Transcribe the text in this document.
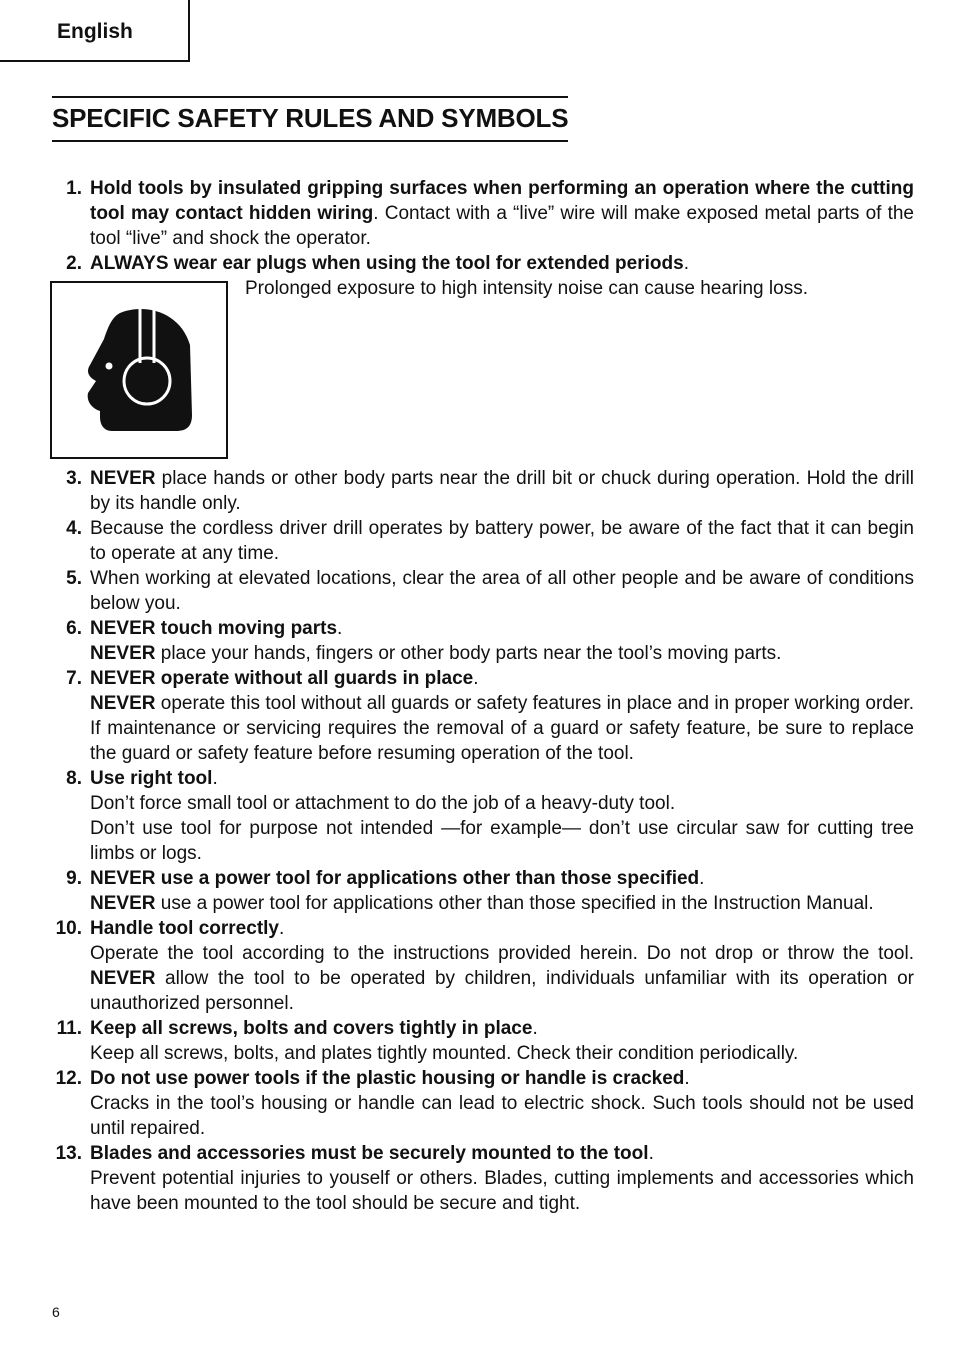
English
SPECIFIC SAFETY RULES AND SYMBOLS
1. Hold tools by insulated gripping surfaces when performing an operation where the cutting tool may contact hidden wiring. Contact with a “live” wire will make exposed metal parts of the tool “live” and shock the operator.
2. ALWAYS wear ear plugs when using the tool for extended periods.
Prolonged exposure to high intensity noise can cause hearing loss.
3. NEVER place hands or other body parts near the drill bit or chuck during operation. Hold the drill by its handle only.
4. Because the cordless driver drill operates by battery power, be aware of the fact that it can begin to operate at any time.
5. When working at elevated locations, clear the area of all other people and be aware of conditions below you.
6. NEVER touch moving parts.
NEVER place your hands, fingers or other body parts near the tool’s moving parts.
7. NEVER operate without all guards in place.
NEVER operate this tool without all guards or safety features in place and in proper working order. If maintenance or servicing requires the removal of a guard or safety feature, be sure to replace the guard or safety feature before resuming operation of the tool.
8. Use right tool.
Don’t force small tool or attachment to do the job of a heavy-duty tool.
Don’t use tool for purpose not intended —for example— don’t use circular saw for cutting tree limbs or logs.
9. NEVER use a power tool for applications other than those specified.
NEVER use a power tool for applications other than those specified in the Instruction Manual.
10. Handle tool correctly.
Operate the tool according to the instructions provided herein. Do not drop or throw the tool. NEVER allow the tool to be operated by children, individuals unfamiliar with its operation or unauthorized personnel.
11. Keep all screws, bolts and covers tightly in place.
Keep all screws, bolts, and plates tightly mounted. Check their condition periodically.
12. Do not use power tools if the plastic housing or handle is cracked.
Cracks in the tool’s housing or handle can lead to electric shock. Such tools should not be used until repaired.
13. Blades and accessories must be securely mounted to the tool.
Prevent potential injuries to youself or others. Blades, cutting implements and accessories which have been mounted to the tool should be secure and tight.
6
